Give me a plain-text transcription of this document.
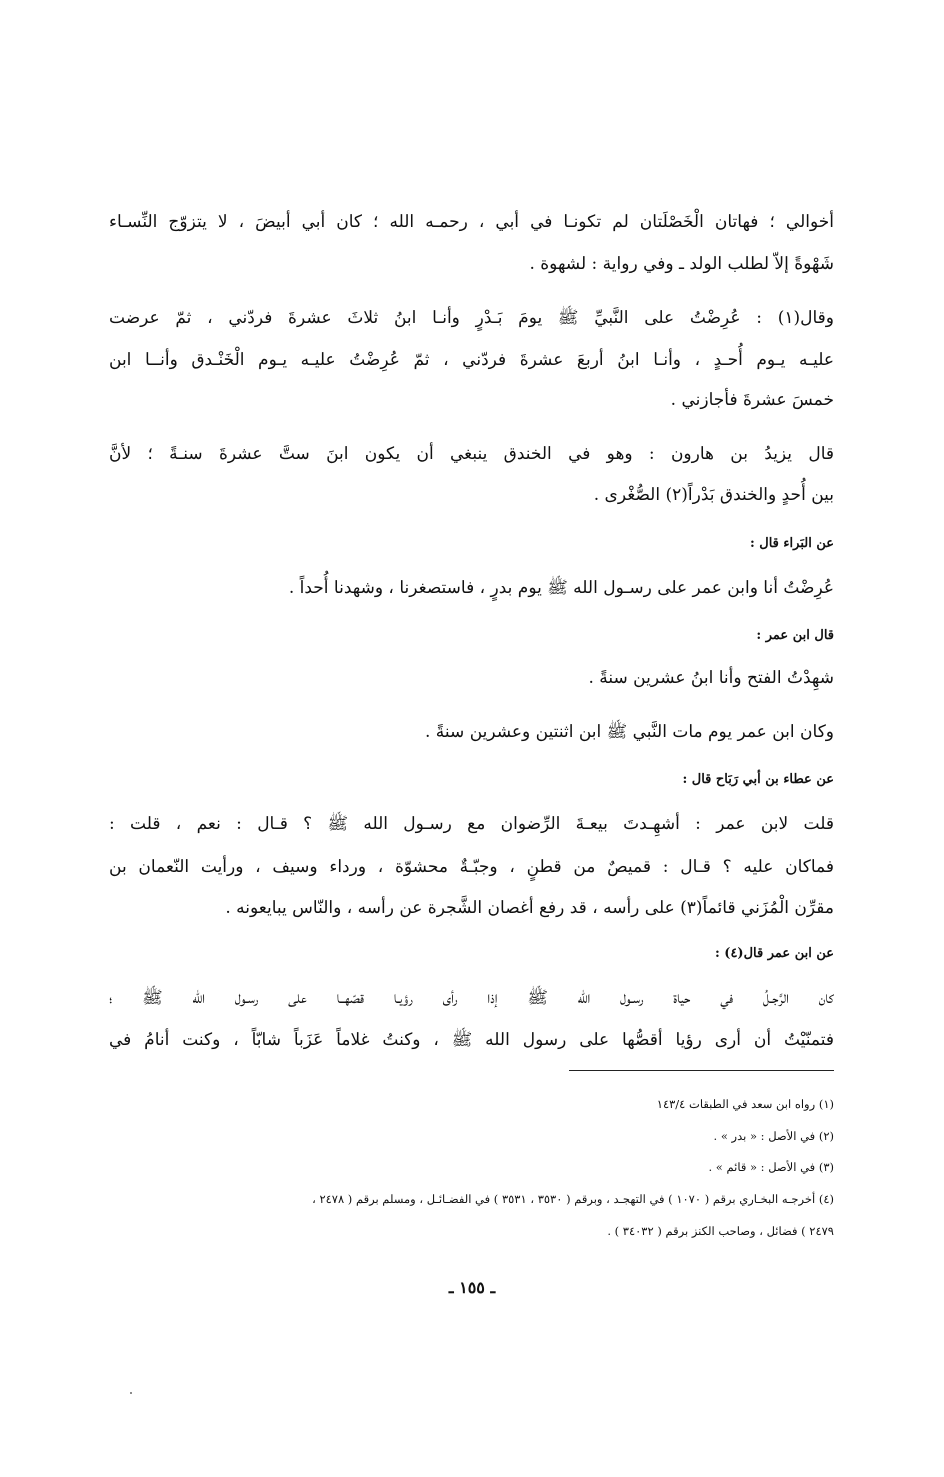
أخوالي ؛ فهاتان الْخَصْلَتان لم تكونـا في أبي ، رحمـه الله ؛ كان أبي أبيضَ ، لا يتزوّج النِّسـاء
شَهْوةً إلاّ لطلب الولد ـ وفي رواية : لشهوة .
وقال(١) : عُرِضْتُ على النَّبيِّ ﷺ يومَ بَـدْرٍ وأنـا ابنُ ثلاثَ عشرةَ فردّني ، ثمّ عرضت
عليـه يـوم أُحـدٍ ، وأنـا ابنُ أربعَ عشرةَ فردّني ، ثمّ عُرِضْتُ عليـه يـوم الْخَنْـدق وأنــا ابن
خمسَ عشرةَ فأجازني .
قال يزيدُ بن هارون : وهو في الخندق ينبغي أن يكون ابنَ ستَّ عشرةَ سنـةً ؛ لأنَّ
بين أُحدٍ والخندق بَدْراً(٢) الصُّغْرى .
عن البَراء قال :
عُرِضْتُ أنا وابن عمر على رسـول الله ﷺ يوم بدرٍ ، فاستصغرنا ، وشهدنا أُحداً .
قال ابن عمر :
شهِدْتُ الفتح وأنا ابنُ عشرين سنةً .
وكان ابن عمر يوم مات النَّبي ﷺ ابن اثنتين وعشرين سنةً .
عن عطاء بن أبي رَبَاح قال :
قلت لابن عمر : أشهِـدتَ بيعـةَ الرِّضوان مع رسـول الله ﷺ ؟ قـال : نعم ، قلت :
فماكان عليه ؟ قـال : قميصٌ من قطنٍ ، وجبّـةٌ محشوّة ، ورداء وسيف ، ورأيت النّعمان بن
مقرِّن الْمُزَني قائماً(٣) على رأسه ، قد رفع أغصان الشَّجرة عن رأسه ، والنّاس يبايعونه .
عن ابن عمر قال(٤) :
كان الرَّجـلُ في حياة رسـول الله ﷺ إذا رأى رؤيـا قصّهــا على رسـول الله ﷺ ؛
فتمنّيْتُ أن أرى رؤيا أقصُّها على رسول الله ﷺ ، وكنتُ غلاماً عَزَباً شابّاً ، وكنت أنامُ في
(١) رواه ابن سعد في الطبقات ١٤٣/٤
(٢) في الأصل : « بدر » .
(٣) في الأصل : « قائم » .
(٤) أخرجـه البخـاري برقم ( ١٠٧٠ ) في التهجـد ، وبرقم ( ٣٥٣٠ ، ٣٥٣١ ) في الفضـائـل ، ومسلم برقم ( ٢٤٧٨ ،
٢٤٧٩ ) فضائل ، وصاحب الكنز برقم ( ٣٤٠٣٢ ) .
ـ ١٥٥ ـ
